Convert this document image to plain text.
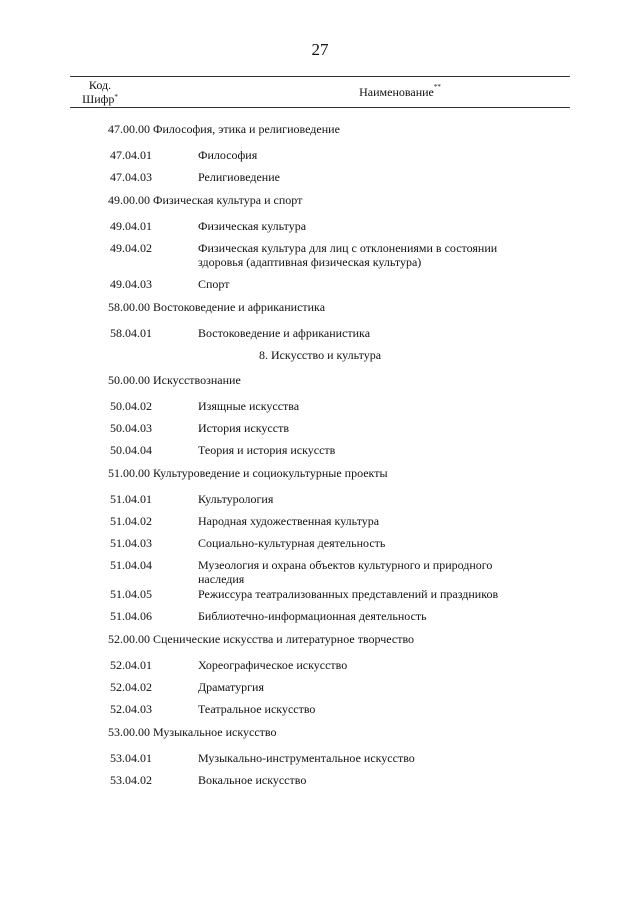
27
Код.
Шифр*	Наименование**
47.00.00 Философия, этика и религиоведение
47.04.01	Философия
47.04.03	Религиоведение
49.00.00 Физическая культура и спорт
49.04.01	Физическая культура
49.04.02	Физическая культура для лиц с отклонениями в состоянии здоровья (адаптивная физическая культура)
49.04.03	Спорт
58.00.00 Востоковедение и африканистика
58.04.01	Востоковедение и африканистика
8. Искусство и культура
50.00.00 Искусствознание
50.04.02	Изящные искусства
50.04.03	История искусств
50.04.04	Теория и история искусств
51.00.00 Культуроведение и социокультурные проекты
51.04.01	Культурология
51.04.02	Народная художественная культура
51.04.03	Социально-культурная деятельность
51.04.04	Музеология и охрана объектов культурного и природного наследия
51.04.05	Режиссура театрализованных представлений и праздников
51.04.06	Библиотечно-информационная деятельность
52.00.00 Сценические искусства и литературное творчество
52.04.01	Хореографическое искусство
52.04.02	Драматургия
52.04.03	Театральное искусство
53.00.00 Музыкальное искусство
53.04.01	Музыкально-инструментальное искусство
53.04.02	Вокальное искусство
